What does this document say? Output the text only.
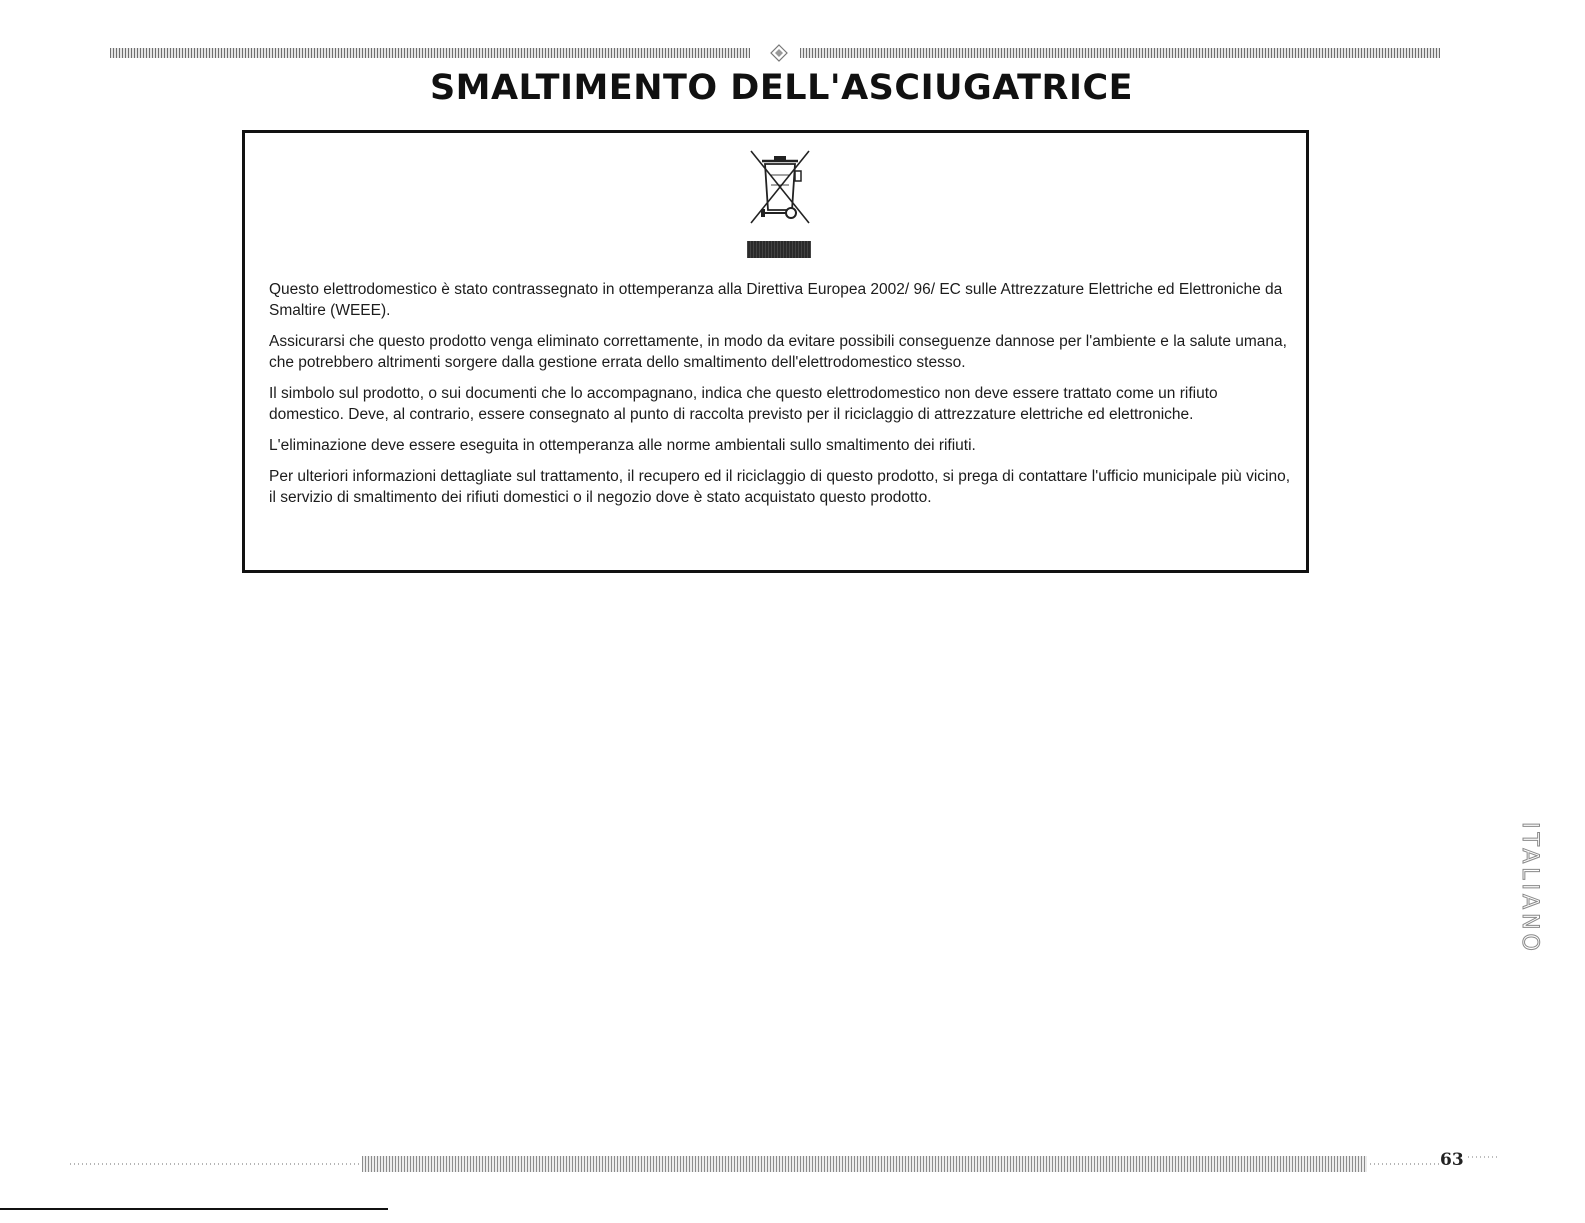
SMALTIMENTO DELL'ASCIUGATRICE

Questo elettrodomestico è stato contrassegnato in ottemperanza alla Direttiva Europea 2002/ 96/ EC sulle Attrezzature Elettriche ed Elettroniche da Smaltire (WEEE).

Assicurarsi che questo prodotto venga eliminato correttamente, in modo da evitare possibili conseguenze dannose per l'ambiente e la salute umana, che potrebbero altrimenti sorgere dalla gestione errata dello smaltimento dell'elettrodomestico stesso.

Il simbolo sul prodotto, o sui documenti che lo accompagnano, indica che questo elettrodomestico non deve essere trattato come un rifiuto domestico. Deve, al contrario, essere consegnato al punto di raccolta previsto per il riciclaggio di attrezzature elettriche ed elettroniche.

L'eliminazione deve essere eseguita in ottemperanza alle norme ambientali sullo smaltimento dei rifiuti.

Per ulteriori informazioni dettagliate sul trattamento, il recupero ed il riciclaggio di questo prodotto, si prega di contattare l'ufficio municipale più vicino, il servizio di smaltimento dei rifiuti domestici o il negozio dove è stato acquistato questo prodotto.

ITALIANO
63
